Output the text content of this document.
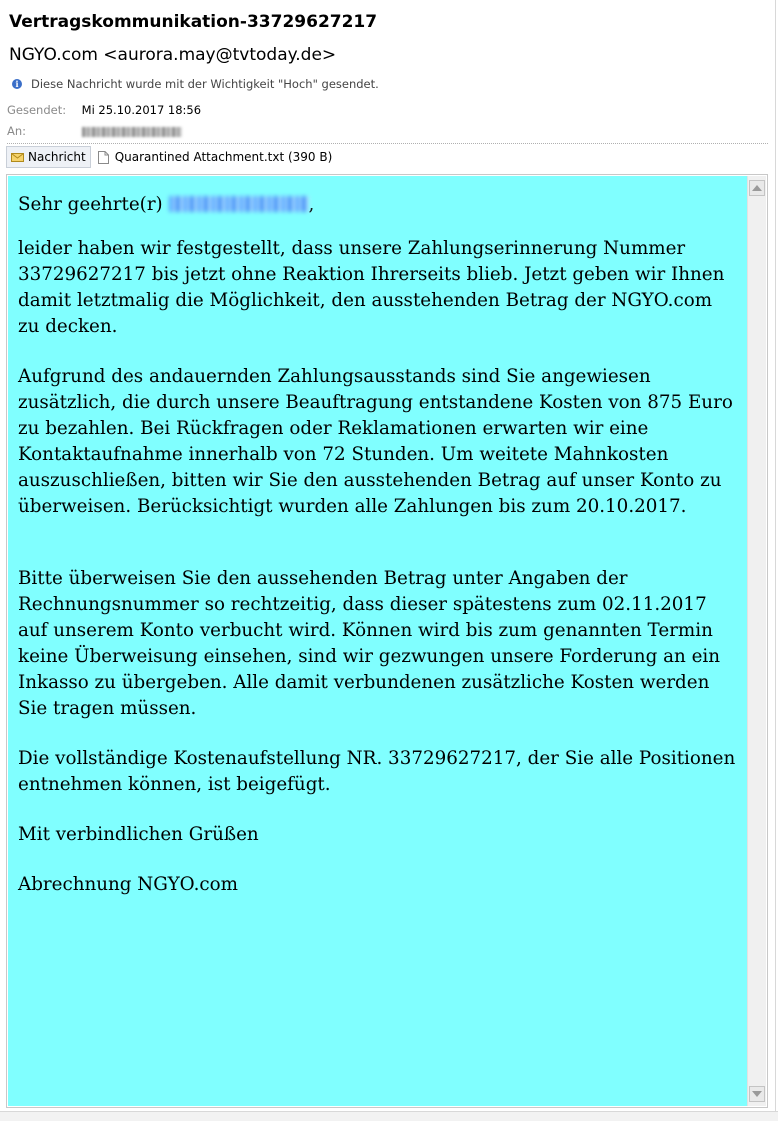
Vertragskommunikation-33729627217
NGYO.com <aurora.may@tvtoday.de>
i	Diese Nachricht wurde mit der Wichtigkeit "Hoch" gesendet.
Gesendet: Mi 25.10.2017 18:56
An:
Nachricht Quarantined Attachment.txt (390 B)

Sehr geehrte(r)	,

leider haben wir festgestellt, dass unsere Zahlungserinnerung Nummer 33729627217 bis jetzt ohne Reaktion Ihrerseits blieb. Jetzt geben wir Ihnen damit letztmalig die Möglichkeit, den ausstehenden Betrag der NGYO.com zu decken.

Aufgrund des andauernden Zahlungsausstands sind Sie angewiesen zusätzlich, die durch unsere Beauftragung entstandene Kosten von 875 Euro zu bezahlen. Bei Rückfragen oder Reklamationen erwarten wir eine Kontaktaufnahme innerhalb von 72 Stunden. Um weitete Mahnkosten auszuschließen, bitten wir Sie den ausstehenden Betrag auf unser Konto zu überweisen. Berücksichtigt wurden alle Zahlungen bis zum 20.10.2017.

Bitte überweisen Sie den aussehenden Betrag unter Angaben der Rechnungsnummer so rechtzeitig, dass dieser spätestens zum 02.11.2017 auf unserem Konto verbucht wird. Können wird bis zum genannten Termin keine Überweisung einsehen, sind wir gezwungen unsere Forderung an ein Inkasso zu übergeben. Alle damit verbundenen zusätzliche Kosten werden Sie tragen müssen.

Die vollständige Kostenaufstellung NR. 33729627217, der Sie alle Positionen entnehmen können, ist beigefügt.

Mit verbindlichen Grüßen

Abrechnung NGYO.com
